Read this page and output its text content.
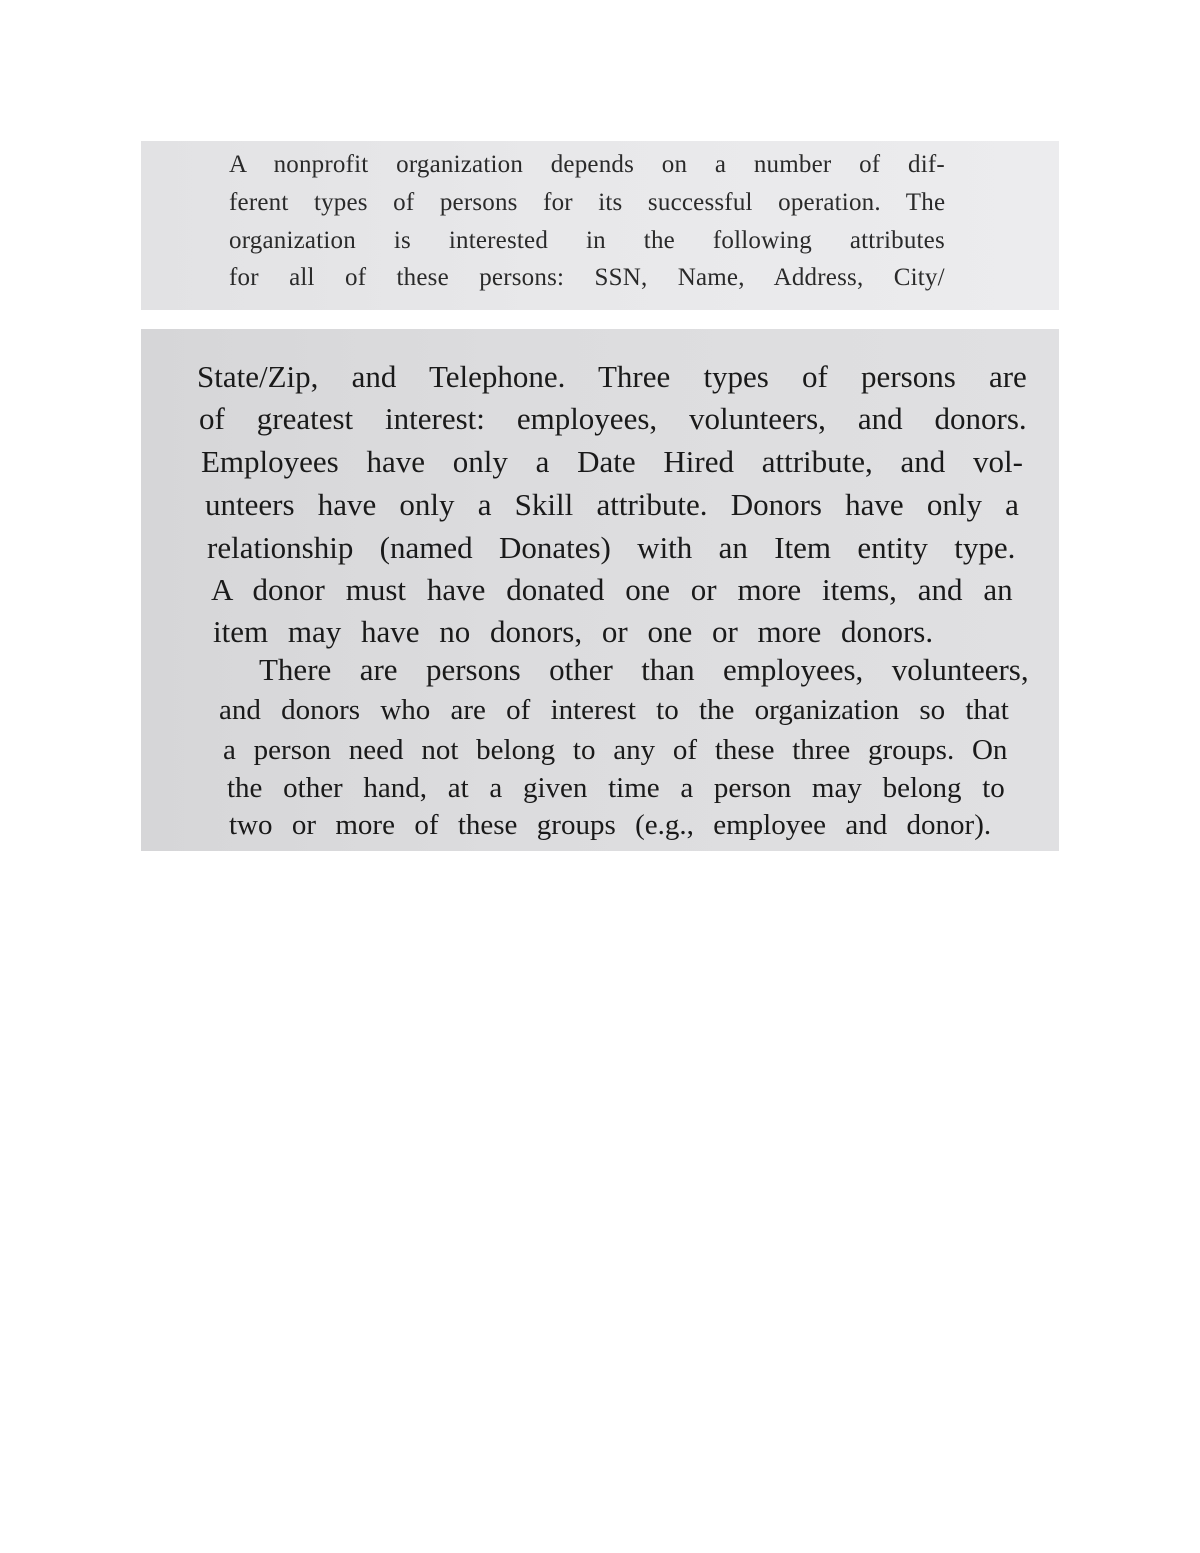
A nonprofit organization depends on a number of dif-
ferent types of persons for its successful operation. The
organization is interested in the following attributes
for all of these persons: SSN, Name, Address, City/
State/Zip, and Telephone. Three types of persons are
of greatest interest: employees, volunteers, and donors.
Employees have only a Date Hired attribute, and vol-
unteers have only a Skill attribute. Donors have only a
relationship (named Donates) with an Item entity type.
A donor must have donated one or more items, and an
item may have no donors, or one or more donors.
There are persons other than employees, volunteers,
and donors who are of interest to the organization so that
a person need not belong to any of these three groups. On
the other hand, at a given time a person may belong to
two or more of these groups (e.g., employee and donor).
